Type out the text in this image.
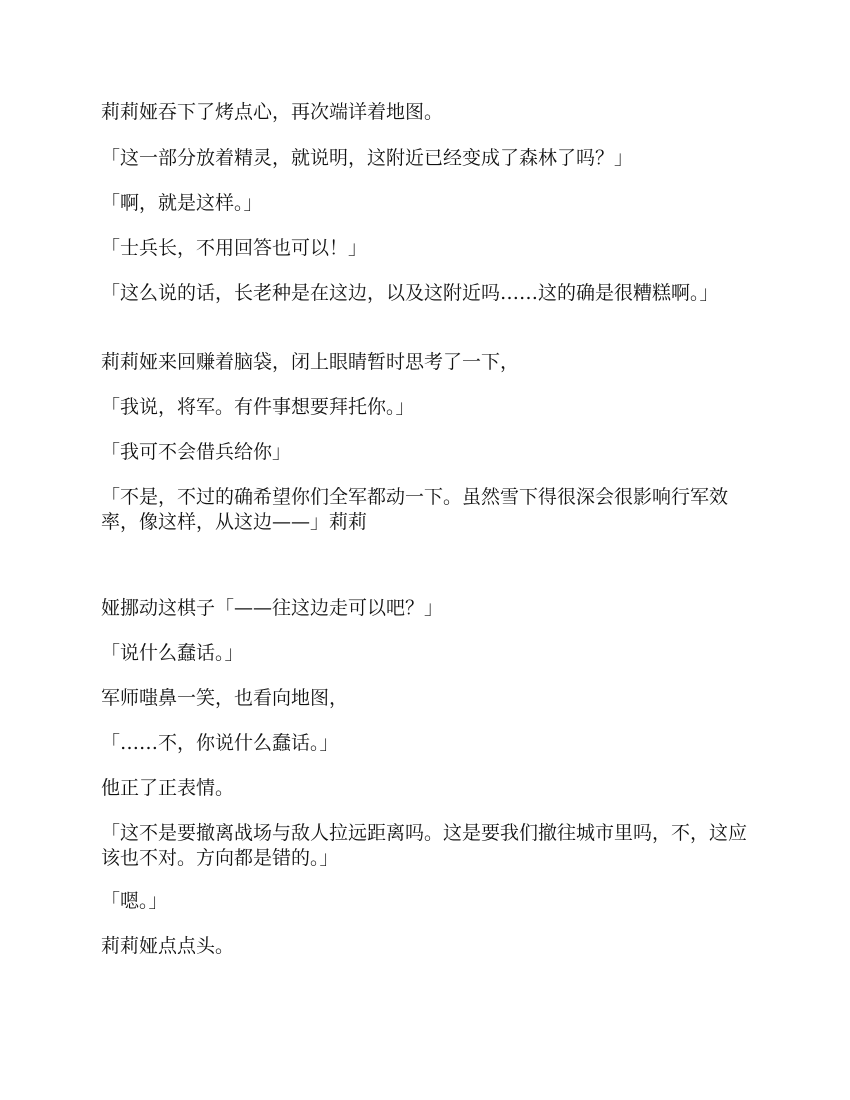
莉莉娅吞下了烤点心，再次端详着地图。

「这一部分放着精灵，就说明，这附近已经变成了森林了吗？」

「啊，就是这样。」

「士兵长，不用回答也可以！」

「这么说的话，长老种是在这边，以及这附近吗……这的确是很糟糕啊。」

莉莉娅来回赚着脑袋，闭上眼睛暂时思考了一下，

「我说，将军。有件事想要拜托你。」

「我可不会借兵给你」

「不是，不过的确希望你们全军都动一下。虽然雪下得很深会很影响行军效率，像这样，从这边——」莉莉

娅挪动这棋子「——往这边走可以吧？」

「说什么蠢话。」

军师嗤鼻一笑，也看向地图，

「……不，你说什么蠢话。」

他正了正表情。

「这不是要撤离战场与敌人拉远距离吗。这是要我们撤往城市里吗，不，这应该也不对。方向都是错的。」

「嗯。」

莉莉娅点点头。
